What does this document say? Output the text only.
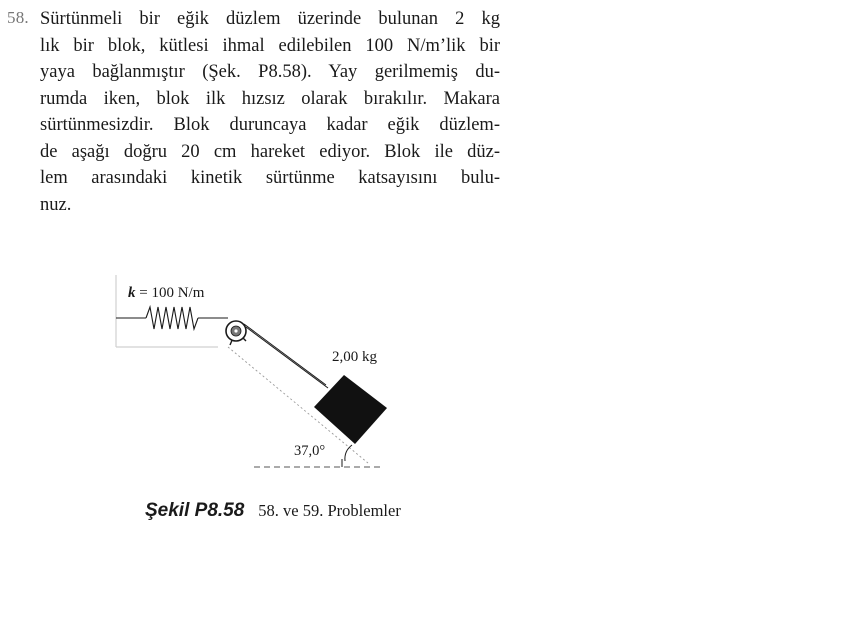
58. Sürtünmeli bir eğik düzlem üzerinde bulunan 2 kg
lık bir blok, kütlesi ihmal edilebilen 100 N/m’lik bir
yaya bağlanmıştır (Şek. P8.58). Yay gerilmemiş du-
rumda iken, blok ilk hızsız olarak bırakılır. Makara
sürtünmesizdir. Blok duruncaya kadar eğik düzlem-
de aşağı doğru 20 cm hareket ediyor. Blok ile düz-
lem arasındaki kinetik sürtünme katsayısını bulu-
nuz.

k = 100 N/m
2,00 kg
37,0°
Şekil P8.58 58. ve 59. Problemler
